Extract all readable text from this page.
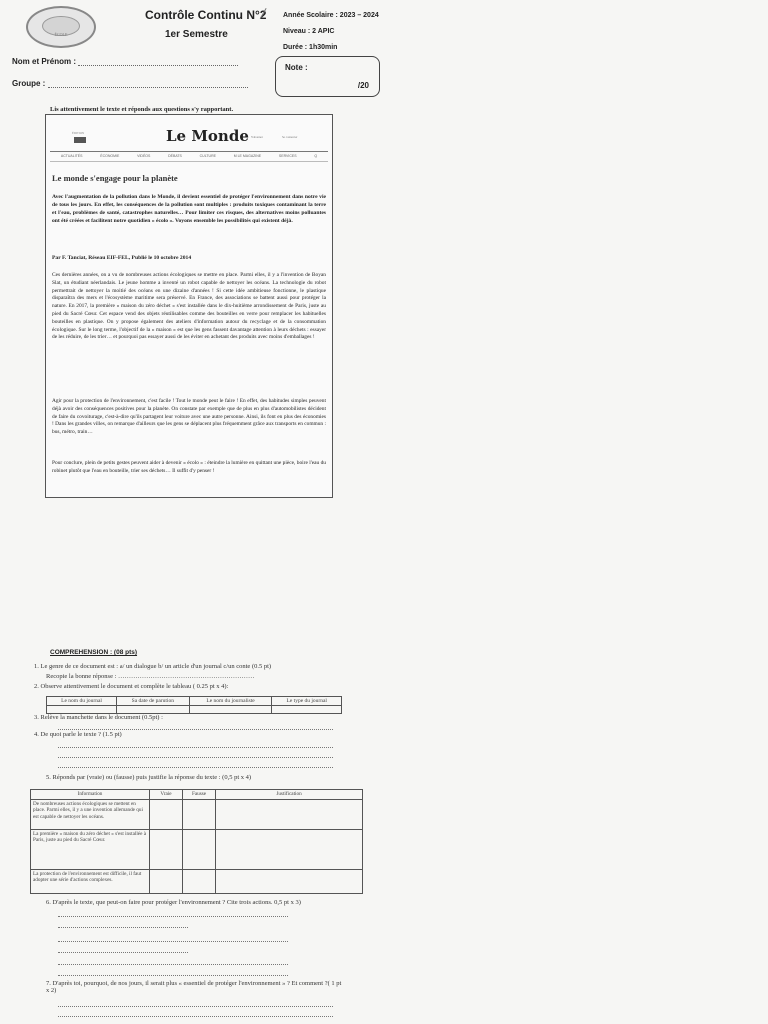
ÉCOLE
Contrôle Continu N°2
1er Semestre
Année Scolaire : 2023 – 2024
Niveau : 2 APIC
Durée : 1h30min
Nom et Prénom :
Groupe :
Note :
/20
Lis attentivement le texte et réponds aux questions s'y rapportant.
ÉDITION	Le Monde S'abonner	Se connecter
ACTUALITÉS	ÉCONOMIE	VIDÉOS	DÉBATS	CULTURE	M LE MAGAZINE	SERVICES	Q
Le monde s'engage pour la planète
Avec l'augmentation de la pollution dans le Monde, il devient essentiel de protéger l'environnement dans notre vie de tous les jours. En effet, les conséquences de la pollution sont multiples : produits toxiques contaminant la terre et l'eau, problèmes de santé, catastrophes naturelles… Pour limiter ces risques, des alternatives moins polluantes ont été créées et facilitent notre quotidien « écolo ». Voyons ensemble les possibilités qui existent déjà.
Par F. Tanciat, Réseau EIF-FEL, Publié le 10 octobre 2014
Ces dernières années, on a vu de nombreuses actions écologiques se mettre en place. Parmi elles, il y a l'invention de Boyan Slat, un étudiant néerlandais. Le jeune homme a inventé un robot capable de nettoyer les océans. La technologie du robot permettrait de nettoyer la moitié des océans en une dizaine d'années ! Si cette idée ambitieuse fonctionne, le plastique disparaîtra des mers et l'écosystème maritime sera préservé. En France, des associations se battent aussi pour protéger la nature. En 2017, la première « maison du zéro déchet » s'est installée dans le dix-huitième arrondissement de Paris, juste au pied du Sacré Cœur. Cet espace vend des objets réutilisables comme des bouteilles en verre pour remplacer les habituelles bouteilles en plastique. On y propose également des ateliers d'information autour du recyclage et de la consommation écologique. Sur le long terme, l'objectif de la « maison » est que les gens fassent davantage attention à leurs déchets : essayer de les réduire, de les trier… et pourquoi pas essayer aussi de les éviter en achetant des produits avec moins d'emballages !
Agir pour la protection de l'environnement, c'est facile ! Tout le monde peut le faire ! En effet, des habitudes simples peuvent déjà avoir des conséquences positives pour la planète. On constate par exemple que de plus en plus d'automobilistes décident de faire du covoiturage, c'est-à-dire qu'ils partagent leur voiture avec une autre personne. Ainsi, ils font en plus des économies ! Dans les grandes villes, on remarque d'ailleurs que les gens se déplacent plus fréquemment grâce aux transports en commun : bus, métro, train…
Pour conclure, plein de petits gestes peuvent aider à devenir « écolo » : éteindre la lumière en quittant une pièce, boire l'eau du robinet plutôt que l'eau en bouteille, trier ses déchets… Il suffit d'y penser !
COMPREHENSION : (08 pts)
1. Le genre de ce document est : a/ un dialogue b/ un article d'un journal c/un conte (0.5 pt)
Recopie la bonne réponse : ………………………………………………………
2. Observe attentivement le document et complète le tableau ( 0.25 pt x 4):
Le nom du journal	Sa date de parution	Le nom du journaliste	Le type du journal

3. Relève la manchette dans le document (0.5pt) :
4. De quoi parle le texte ? (1.5 pt)
5. Réponds par (vraie) ou (fausse) puis justifie la réponse du texte : (0,5 pt x 4)
Information	Vraie	Fausse	Justification
De nombreuses actions écologiques se mettent en place. Parmi elles, il y a une invention allemande qui est capable de nettoyer les océans.			
La première « maison du zéro déchet » s'est installée à Paris, juste au pied du Sacré Cœur.			
La protection de l'environnement est difficile, il faut adopter une série d'actions complexes.			
6. D'après le texte, que peut-on faire pour protéger l'environnement ? Cite trois actions. 0,5 pt x 3)
7. D'après toi, pourquoi, de nos jours, il serait plus « essentiel de protéger l'environnement » ? Et comment ?( 1 pt x 2)
